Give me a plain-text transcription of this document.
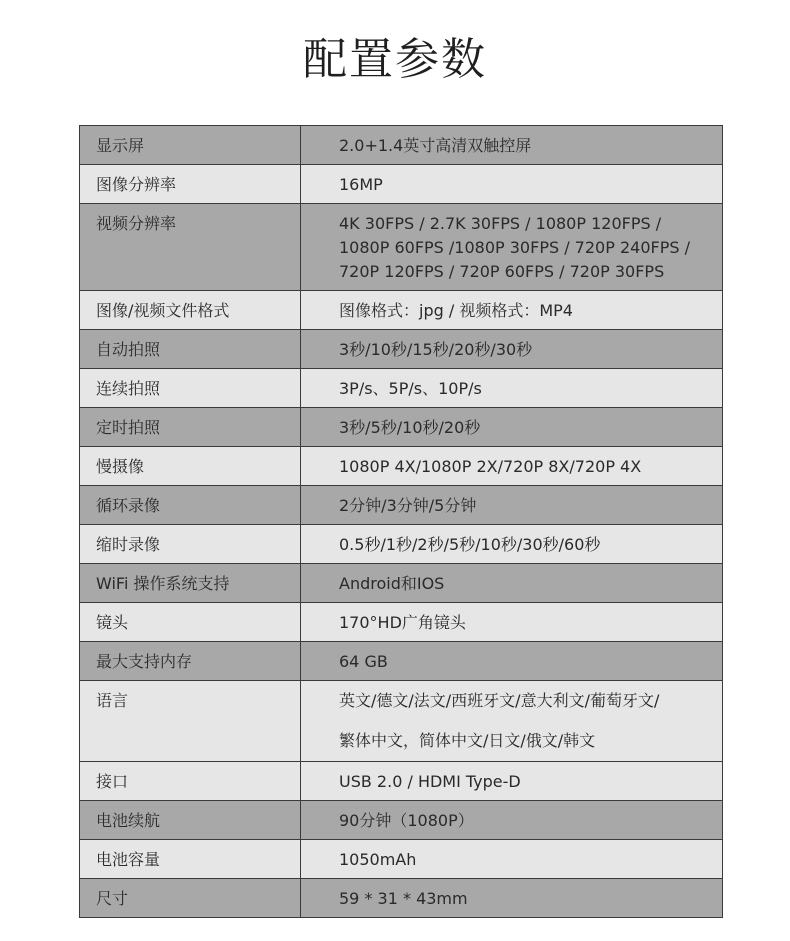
配置参数
显示屏	2.0+1.4英寸高清双触控屏
图像分辨率	16MP
视频分辨率	4K 30FPS / 2.7K 30FPS / 1080P 120FPS /
1080P 60FPS /1080P 30FPS / 720P 240FPS /
720P 120FPS / 720P 60FPS / 720P 30FPS

图像/视频文件格式	图像格式：jpg / 视频格式：MP4
自动拍照	3秒/10秒/15秒/20秒/30秒
连续拍照	3P/s、5P/s、10P/s
定时拍照	3秒/5秒/10秒/20秒
慢摄像	1080P 4X/1080P 2X/720P 8X/720P 4X
循环录像	2分钟/3分钟/5分钟
缩时录像	0.5秒/1秒/2秒/5秒/10秒/30秒/60秒
WiFi 操作系统支持	Android和IOS
镜头	170°HD广角镜头
最大支持内存	64 GB
语言	英文/德文/法文/西班牙文/意大利文/葡萄牙文/
繁体中文，简体中文/日文/俄文/韩文

接口	USB 2.0 / HDMI Type-D
电池续航	90分钟（1080P）
电池容量	1050mAh
尺寸	59 * 31 * 43mm
